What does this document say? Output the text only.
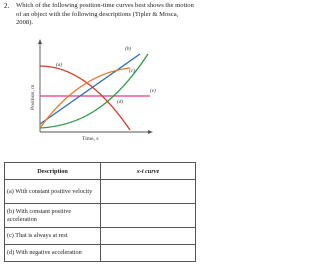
2. Which of the following position-time curves best shows the motion of an object with the following descriptions (Tipler & Mosca, 2008).

(a)
(b)
(c)
(d)
(e)
Time, s
Position, m
Description	x-t curve
(a) With constant positive velocity	
(b) With constant positive acceleration	
(c) That is always at rest	
(d) With negative acceleration	
